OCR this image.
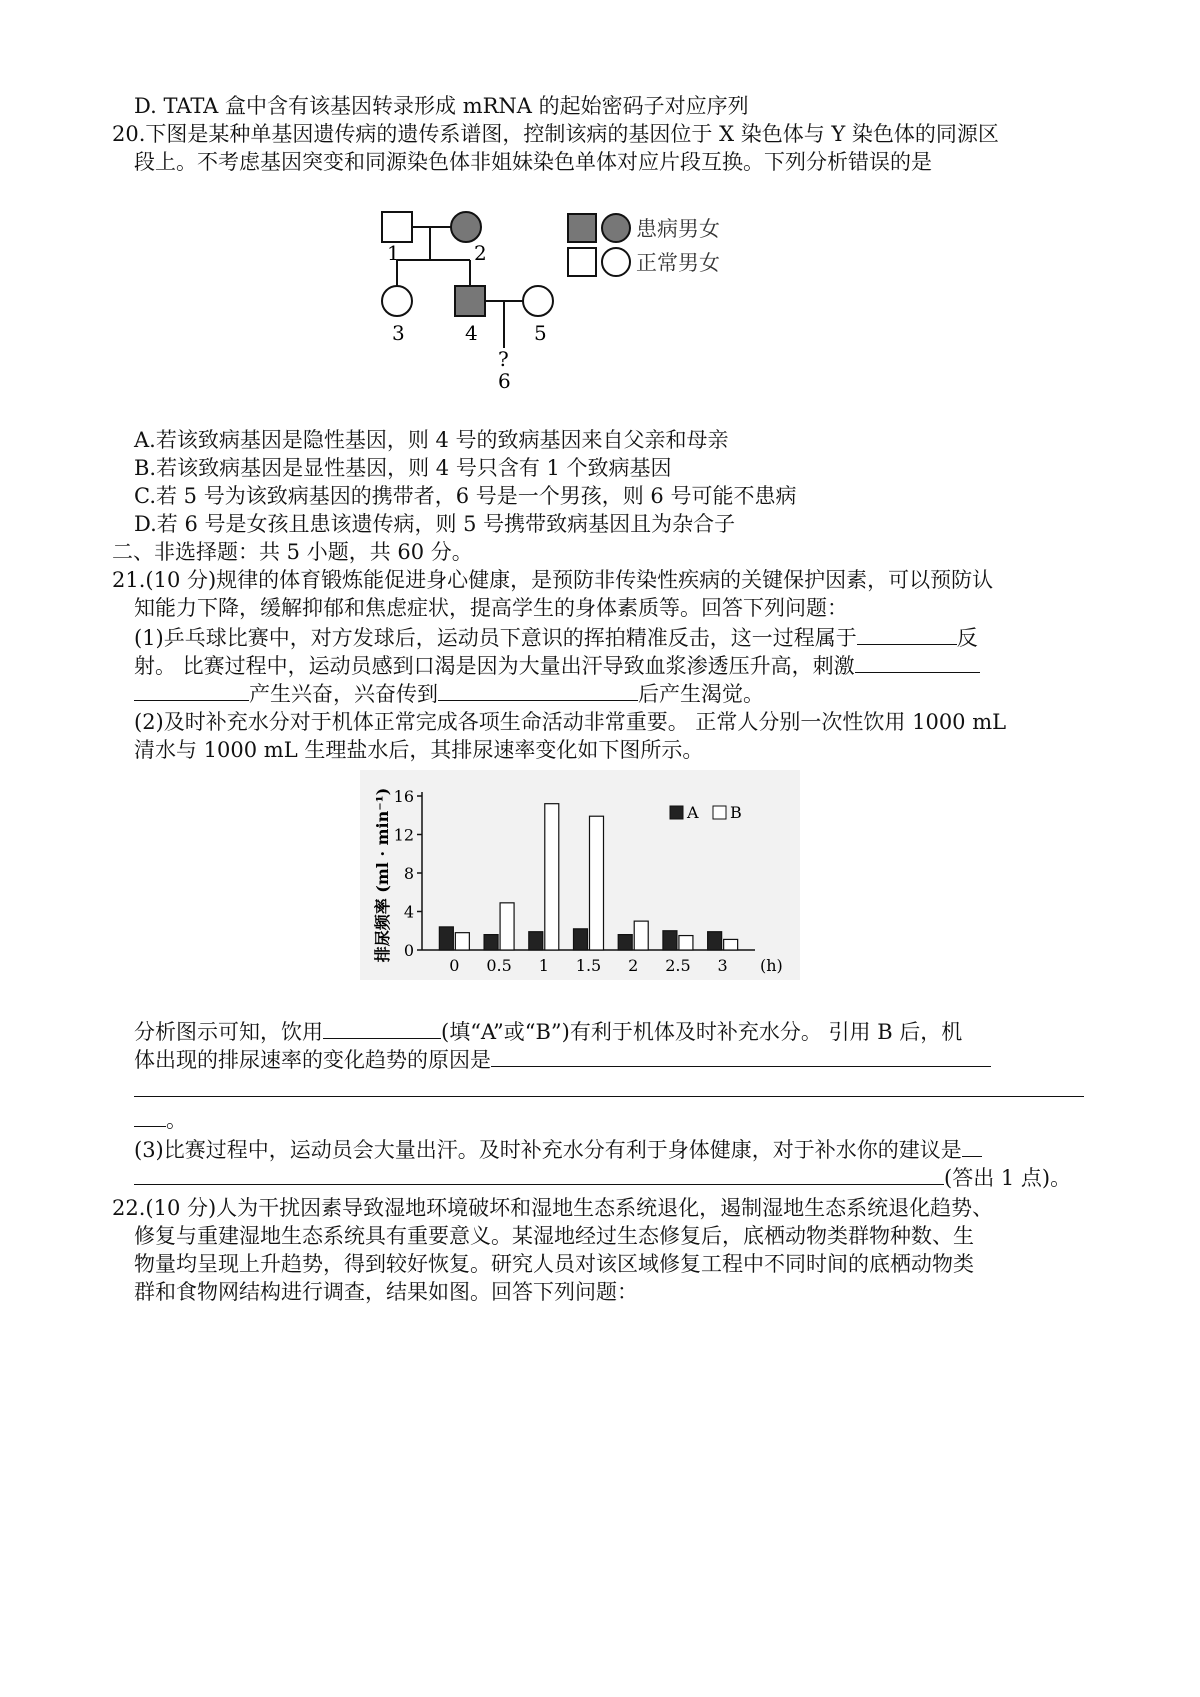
D. TATA 盒中含有该基因转录形成 mRNA 的起始密码子对应序列
20.下图是某种单基因遗传病的遗传系谱图，控制该病的基因位于 X 染色体与 Y 染色体的同源区
段上。不考虑基因突变和同源染色体非姐妹染色单体对应片段互换。下列分析错误的是
1	2
3	4	5
?
6
患病男女
正常男女
A.若该致病基因是隐性基因，则 4 号的致病基因来自父亲和母亲
B.若该致病基因是显性基因，则 4 号只含有 1 个致病基因
C.若 5 号为该致病基因的携带者，6 号是一个男孩，则 6 号可能不患病
D.若 6 号是女孩且患该遗传病，则 5 号携带致病基因且为杂合子
二、非选择题：共 5 小题，共 60 分。
21.(10 分)规律的体育锻炼能促进身心健康，是预防非传染性疾病的关键保护因素，可以预防认
知能力下降，缓解抑郁和焦虑症状，提高学生的身体素质等。回答下列问题：
(1)乒乓球比赛中，对方发球后，运动员下意识的挥拍精准反击，这一过程属于	反
射。 比赛过程中，运动员感到口渴是因为大量出汗导致血浆渗透压升高，刺激
产生兴奋，兴奋传到	后产生渴觉。
(2)及时补充水分对于机体正常完成各项生命活动非常重要。 正常人分别一次性饮用 1000 mL
清水与 1000 mL 生理盐水后，其排尿速率变化如下图所示。
排尿频率 (ml · min⁻¹) 0
4
8
12
16
0 0.5 1 1.5 2 2.5 3 (h)
A B
分析图示可知，饮用	(填“A”或“B”)有利于机体及时补充水分。 引用 B 后，机
体出现的排尿速率的变化趋势的原因是
。
(3)比赛过程中，运动员会大量出汗。及时补充水分有利于身体健康，对于补水你的建议是
(答出 1 点)。
22.(10 分)人为干扰因素导致湿地环境破坏和湿地生态系统退化，遏制湿地生态系统退化趋势、
修复与重建湿地生态系统具有重要意义。某湿地经过生态修复后，底栖动物类群物种数、生
物量均呈现上升趋势，得到较好恢复。研究人员对该区域修复工程中不同时间的底栖动物类
群和食物网结构进行调查，结果如图。回答下列问题：
